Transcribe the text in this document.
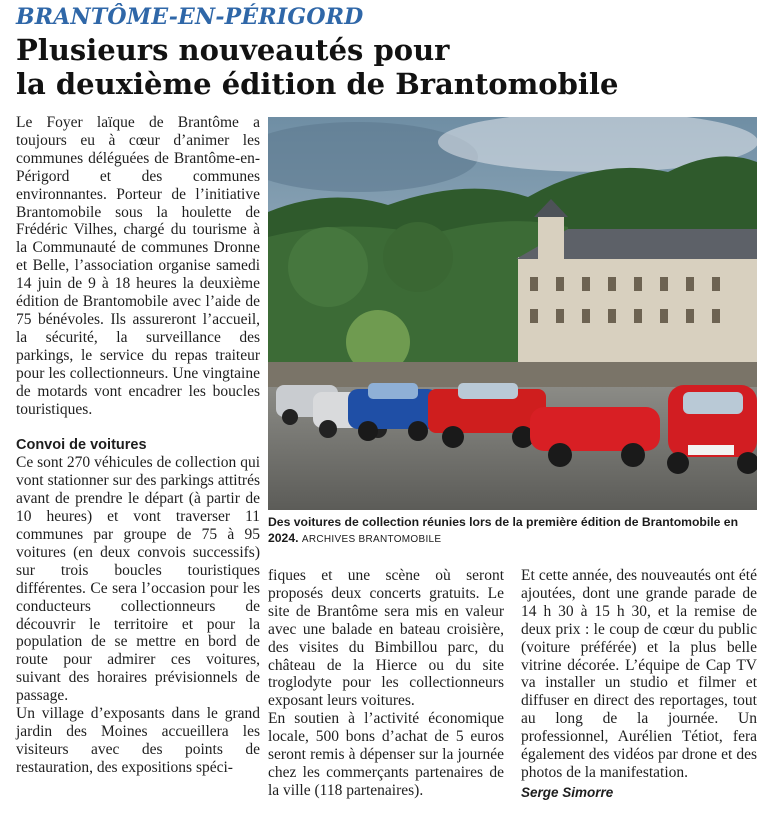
BRANTÔME-EN-PÉRIGORD
Plusieurs nouveautés pour
la deuxième édition de Brantomobile

Le Foyer laïque de Brantôme a toujours eu à cœur d’animer les communes déléguées de Brantôme-en-Périgord et des communes environnantes. Porteur de l’initiative Brantomobile sous la houlette de Frédéric Vilhes, chargé du tourisme à la Communauté de communes Dronne et Belle, l’association organise samedi 14 juin de 9 à 18 heures la deuxième édition de Brantomobile avec l’aide de 75 bénévoles. Ils assureront l’accueil, la sécurité, la surveillance des parkings, le service du repas traiteur pour les collectionneurs. Une vingtaine de motards vont encadrer les boucles touristiques.

Convoi de voitures

Ce sont 270 véhicules de collection qui vont stationner sur des parkings attitrés avant de prendre le départ (à partir de 10 heures) et vont traverser 11 communes par groupe de 75 à 95 voitures (en deux convois successifs) sur trois boucles touristiques différentes. Ce sera l’occasion pour les conducteurs collectionneurs de découvrir le territoire et pour la population de se mettre en bord de route pour admirer ces voitures, suivant des horaires prévisionnels de passage.

Un village d’exposants dans le grand jardin des Moines accueillera les visiteurs avec des points de restauration, des expositions spéci-

Des voitures de collection réunies lors de la première édition de Brantomobile en 2024. ARCHIVES BRANTOMOBILE

fiques et une scène où seront proposés deux concerts gratuits. Le site de Brantôme sera mis en valeur avec une balade en bateau croisière, des visites du Bimbillou parc, du château de la Hierce ou du site troglodyte pour les collectionneurs exposant leurs voitures.

En soutien à l’activité économique locale, 500 bons d’achat de 5 euros seront remis à dépenser sur la journée chez les commerçants partenaires de la ville (118 partenaires).

Et cette année, des nouveautés ont été ajoutées, dont une grande parade de 14 h 30 à 15 h 30, et la remise de deux prix : le coup de cœur du public (voiture préférée) et la plus belle vitrine décorée. L’équipe de Cap TV va installer un studio et filmer et diffuser en direct des reportages, tout au long de la journée. Un professionnel, Aurélien Tétiot, fera également des vidéos par drone et des photos de la manifestation.

Serge Simorre
